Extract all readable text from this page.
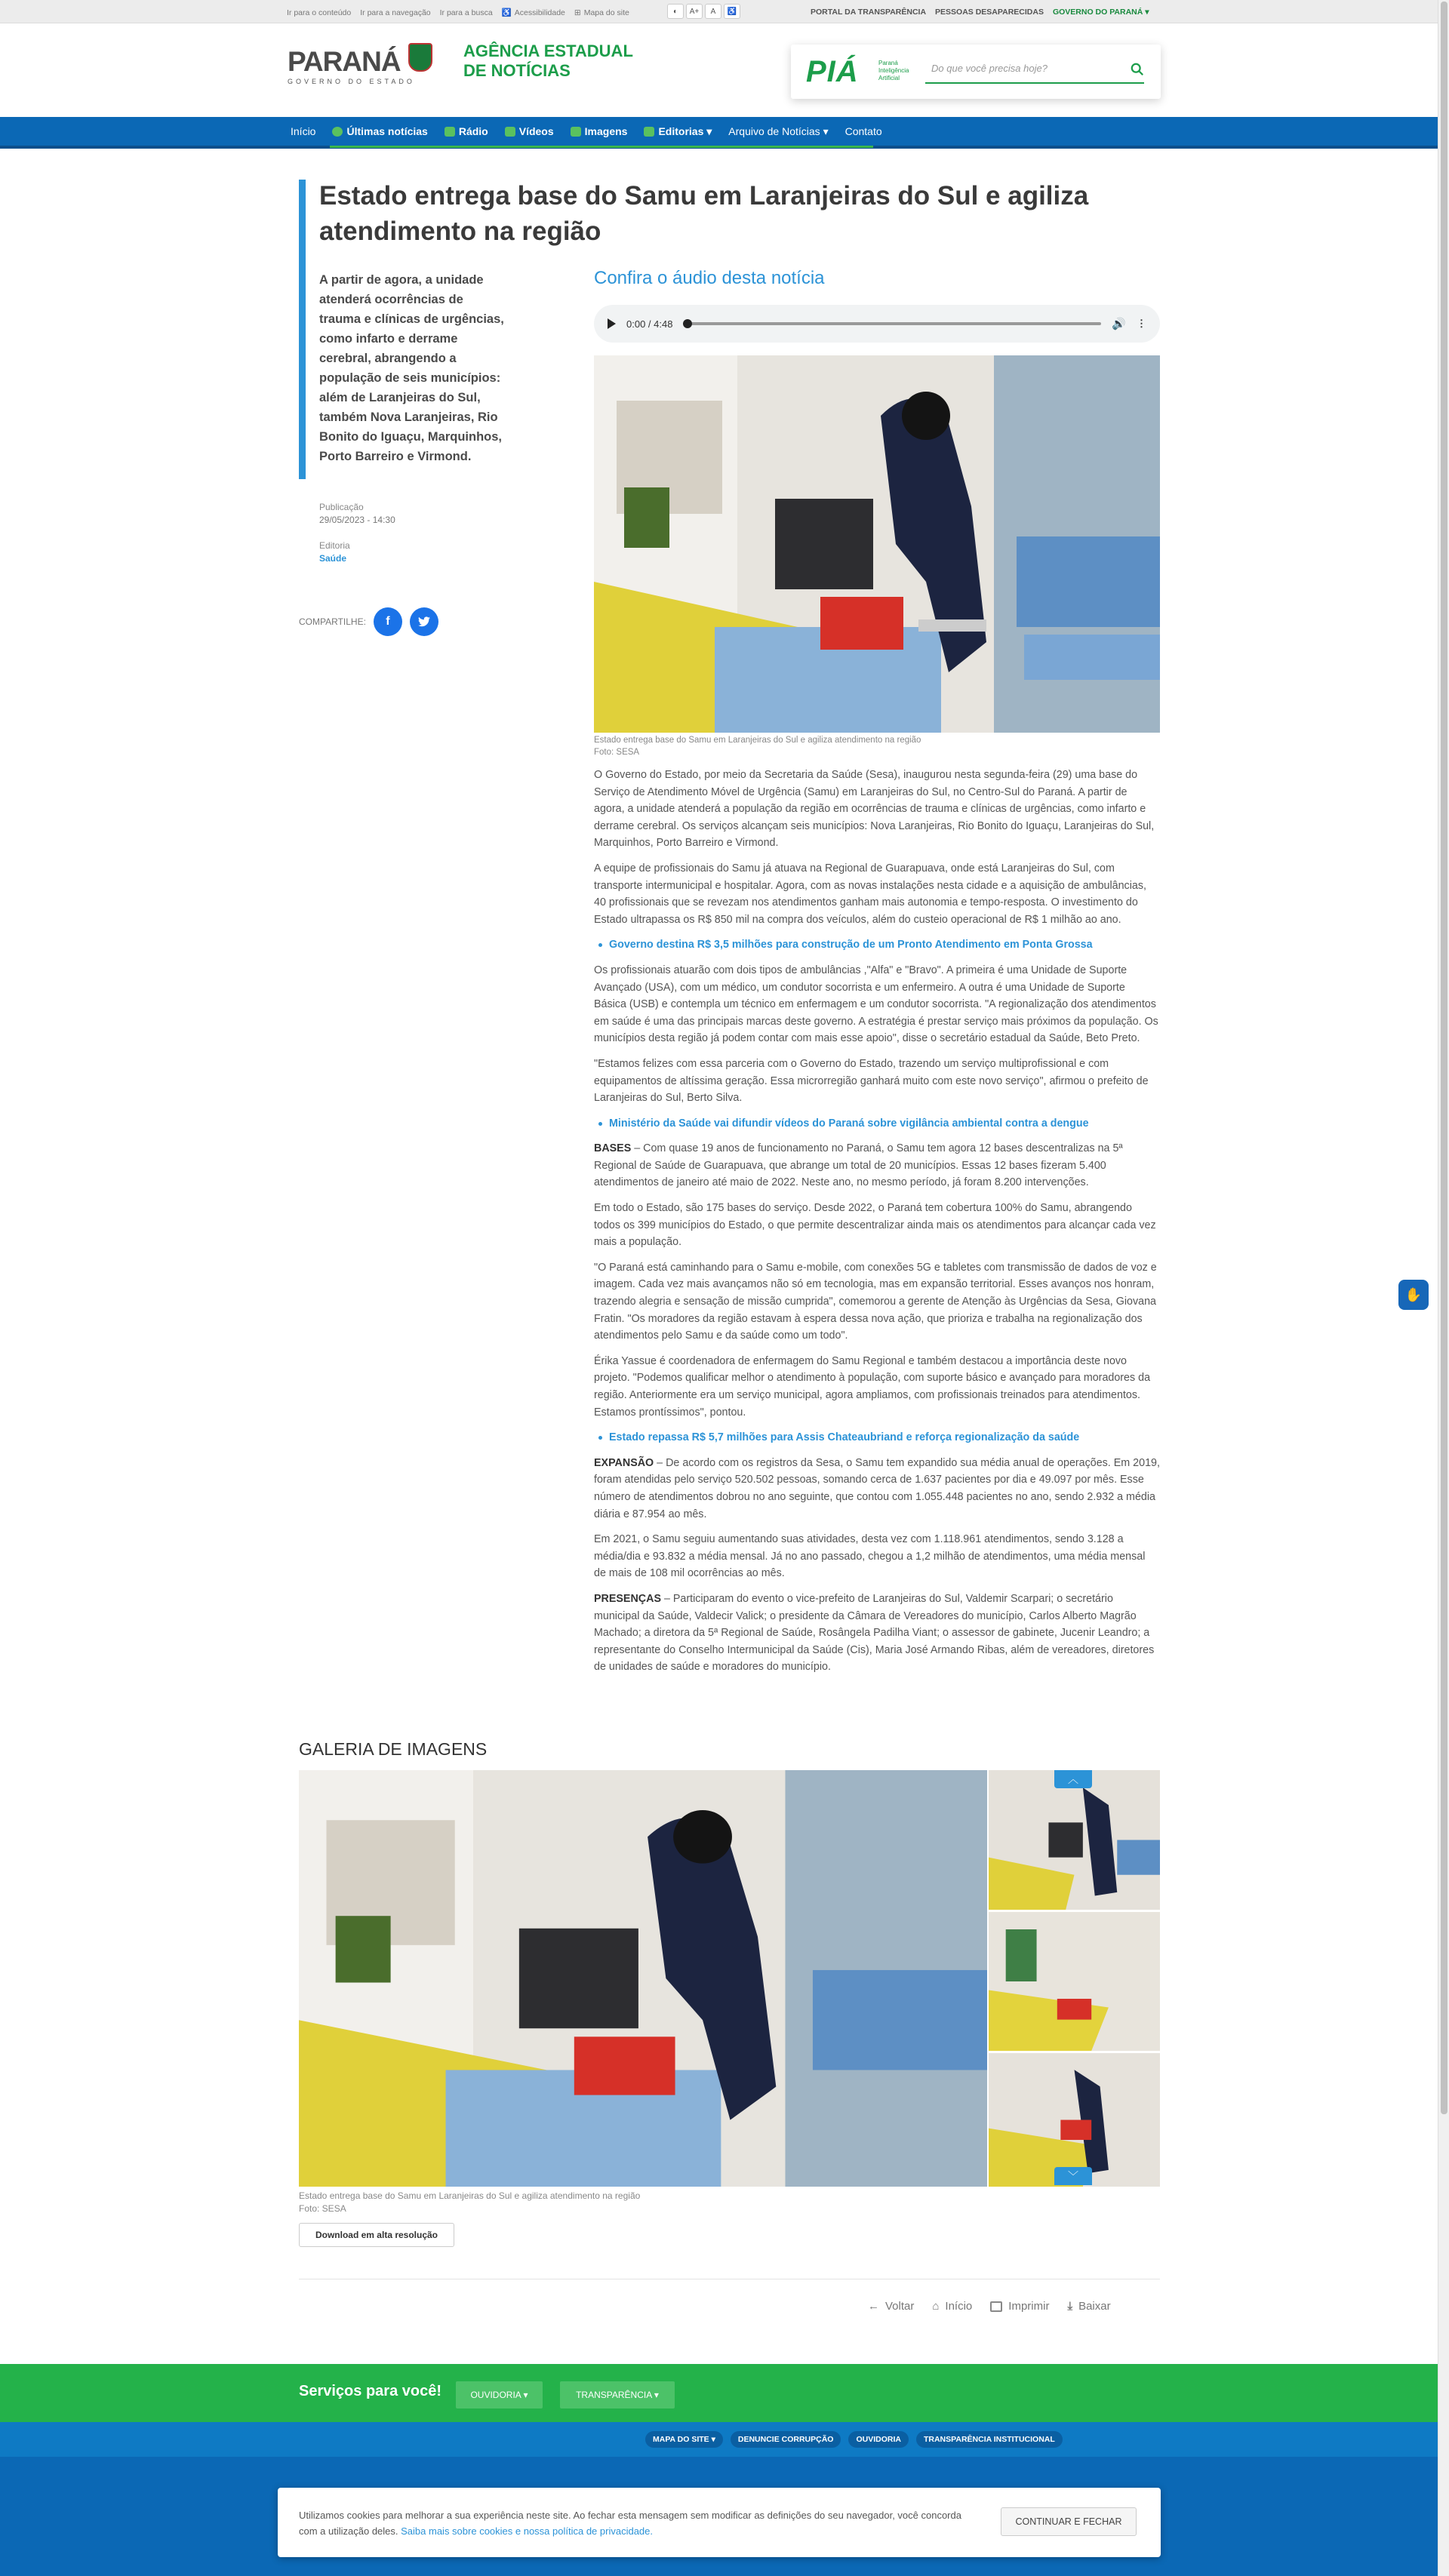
Ir para o conteúdo Ir para a navegação Ir para a busca ♿ Acessibilidade ⊞ Mapa do site	◐	A+	A	♿	PORTAL DA TRANSPARÊNCIA PESSOAS DESAPARECIDAS GOVERNO DO PARANÁ ▾
PARANÁ
GOVERNO DO ESTADO
AGÊNCIA ESTADUAL DE NOTÍCIAS	PIÁ	Paraná Inteligência Artificial
Do que você precisa hoje?
Início	Últimas notícias	Rádio	Vídeos	Imagens	Editorias ▾ Arquivo de Notícias ▾ Contato
Estado entrega base do Samu em Laranjeiras do Sul e agiliza atendimento na região
A partir de agora, a unidade atenderá ocorrências de trauma e clínicas de urgências, como infarto e derrame cerebral, abrangendo a população de seis municípios: além de Laranjeiras do Sul, também Nova Laranjeiras, Rio Bonito do Iguaçu, Marquinhos, Porto Barreiro e Virmond.
Publicação
29/05/2023 - 14:30
Editoria
Saúde
COMPARTILHE:	f
Confira o áudio desta notícia
0:00 / 4:48	🔊 ⋮
Estado entrega base do Samu em Laranjeiras do Sul e agiliza atendimento na região
Foto: SESA

O Governo do Estado, por meio da Secretaria da Saúde (Sesa), inaugurou nesta segunda-feira (29) uma base do Serviço de Atendimento Móvel de Urgência (Samu) em Laranjeiras do Sul, no Centro-Sul do Paraná. A partir de agora, a unidade atenderá a população da região em ocorrências de trauma e clínicas de urgências, como infarto e derrame cerebral. Os serviços alcançam seis municípios: Nova Laranjeiras, Rio Bonito do Iguaçu, Laranjeiras do Sul, Marquinhos, Porto Barreiro e Virmond.

A equipe de profissionais do Samu já atuava na Regional de Guarapuava, onde está Laranjeiras do Sul, com transporte intermunicipal e hospitalar. Agora, com as novas instalações nesta cidade e a aquisição de ambulâncias, 40 profissionais que se revezam nos atendimentos ganham mais autonomia e tempo-resposta. O investimento do Estado ultrapassa os R$ 850 mil na compra dos veículos, além do custeio operacional de R$ 1 milhão ao ano.

Governo destina R$ 3,5 milhões para construção de um Pronto Atendimento em Ponta Grossa

Os profissionais atuarão com dois tipos de ambulâncias ,"Alfa" e "Bravo". A primeira é uma Unidade de Suporte Avançado (USA), com um médico, um condutor socorrista e um enfermeiro. A outra é uma Unidade de Suporte Básica (USB) e contempla um técnico em enfermagem e um condutor socorrista. "A regionalização dos atendimentos em saúde é uma das principais marcas deste governo. A estratégia é prestar serviço mais próximos da população. Os municípios desta região já podem contar com mais esse apoio", disse o secretário estadual da Saúde, Beto Preto.

"Estamos felizes com essa parceria com o Governo do Estado, trazendo um serviço multiprofissional e com equipamentos de altíssima geração. Essa microrregião ganhará muito com este novo serviço", afirmou o prefeito de Laranjeiras do Sul, Berto Silva.

Ministério da Saúde vai difundir vídeos do Paraná sobre vigilância ambiental contra a dengue

BASES – Com quase 19 anos de funcionamento no Paraná, o Samu tem agora 12 bases descentralizas na 5ª Regional de Saúde de Guarapuava, que abrange um total de 20 municípios. Essas 12 bases fizeram 5.400 atendimentos de janeiro até maio de 2022. Neste ano, no mesmo período, já foram 8.200 intervenções.

Em todo o Estado, são 175 bases do serviço. Desde 2022, o Paraná tem cobertura 100% do Samu, abrangendo todos os 399 municípios do Estado, o que permite descentralizar ainda mais os atendimentos para alcançar cada vez mais a população.

"O Paraná está caminhando para o Samu e-mobile, com conexões 5G e tabletes com transmissão de dados de voz e imagem. Cada vez mais avançamos não só em tecnologia, mas em expansão territorial. Esses avanços nos honram, trazendo alegria e sensação de missão cumprida", comemorou a gerente de Atenção às Urgências da Sesa, Giovana Fratin. "Os moradores da região estavam à espera dessa nova ação, que prioriza e trabalha na regionalização dos atendimentos pelo Samu e da saúde como um todo".

Érika Yassue é coordenadora de enfermagem do Samu Regional e também destacou a importância deste novo projeto. "Podemos qualificar melhor o atendimento à população, com suporte básico e avançado para moradores da região. Anteriormente era um serviço municipal, agora ampliamos, com profissionais treinados para atendimentos. Estamos prontíssimos", pontou.

Estado repassa R$ 5,7 milhões para Assis Chateaubriand e reforça regionalização da saúde

EXPANSÃO – De acordo com os registros da Sesa, o Samu tem expandido sua média anual de operações. Em 2019, foram atendidas pelo serviço 520.502 pessoas, somando cerca de 1.637 pacientes por dia e 49.097 por mês. Esse número de atendimentos dobrou no ano seguinte, que contou com 1.055.448 pacientes no ano, sendo 2.932 a média diária e 87.954 ao mês.

Em 2021, o Samu seguiu aumentando suas atividades, desta vez com 1.118.961 atendimentos, sendo 3.128 a média/dia e 93.832 a média mensal. Já no ano passado, chegou a 1,2 milhão de atendimentos, uma média mensal de mais de 108 mil ocorrências ao mês.

PRESENÇAS – Participaram do evento o vice-prefeito de Laranjeiras do Sul, Valdemir Scarpari; o secretário municipal da Saúde, Valdecir Valick; o presidente da Câmara de Vereadores do município, Carlos Alberto Magrão Machado; a diretora da 5ª Regional de Saúde, Rosângela Padilha Viant; o assessor de gabinete, Jucenir Leandro; a representante do Conselho Intermunicipal da Saúde (Cis), Maria José Armando Ribas, além de vereadores, diretores de unidades de saúde e moradores do município.

GALERIA DE IMAGENS
︿
﹀
Estado entrega base do Samu em Laranjeiras do Sul e agiliza atendimento na região
Foto: SESA
Download em alta resolução
← Voltar ⌂ Início	Imprimir ⤓ Baixar
Serviços para você!	OUVIDORIA ▾	TRANSPARÊNCIA ▾
MAPA DO SITE ▾	DENUNCIE CORRUPÇÃO	OUVIDORIA	TRANSPARÊNCIA INSTITUCIONAL
Utilizamos cookies para melhorar a sua experiência neste site. Ao fechar esta mensagem sem modificar as definições do seu navegador, você concorda com a utilização deles. Saiba mais sobre cookies e nossa política de privacidade.
CONTINUAR E FECHAR
✋
